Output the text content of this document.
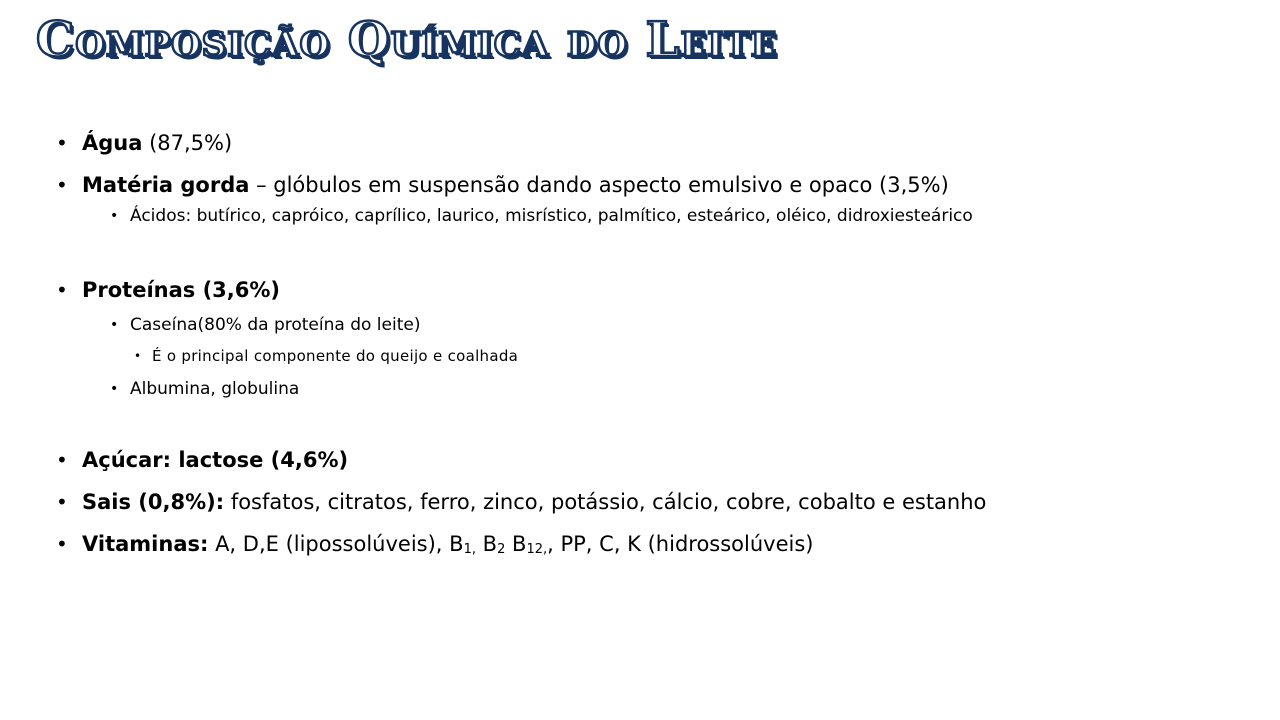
Composição Química do Leite
• Água (87,5%)
• Matéria gorda – glóbulos em suspensão dando aspecto emulsivo e opaco (3,5%)
• Ácidos: butírico, capróico, caprílico, laurico, misrístico, palmítico, esteárico, oléico, didroxiesteárico
• Proteínas (3,6%)
• Caseína(80% da proteína do leite)
• É o principal componente do queijo e coalhada
• Albumina, globulina
• Açúcar: lactose (4,6%)
• Sais (0,8%): fosfatos, citratos, ferro, zinco, potássio, cálcio, cobre, cobalto e estanho
• Vitaminas: A, D,E (lipossolúveis), $B_{1,}$ $B_2$ $B_{12,}$, PP, C, K (hidrossolúveis)
